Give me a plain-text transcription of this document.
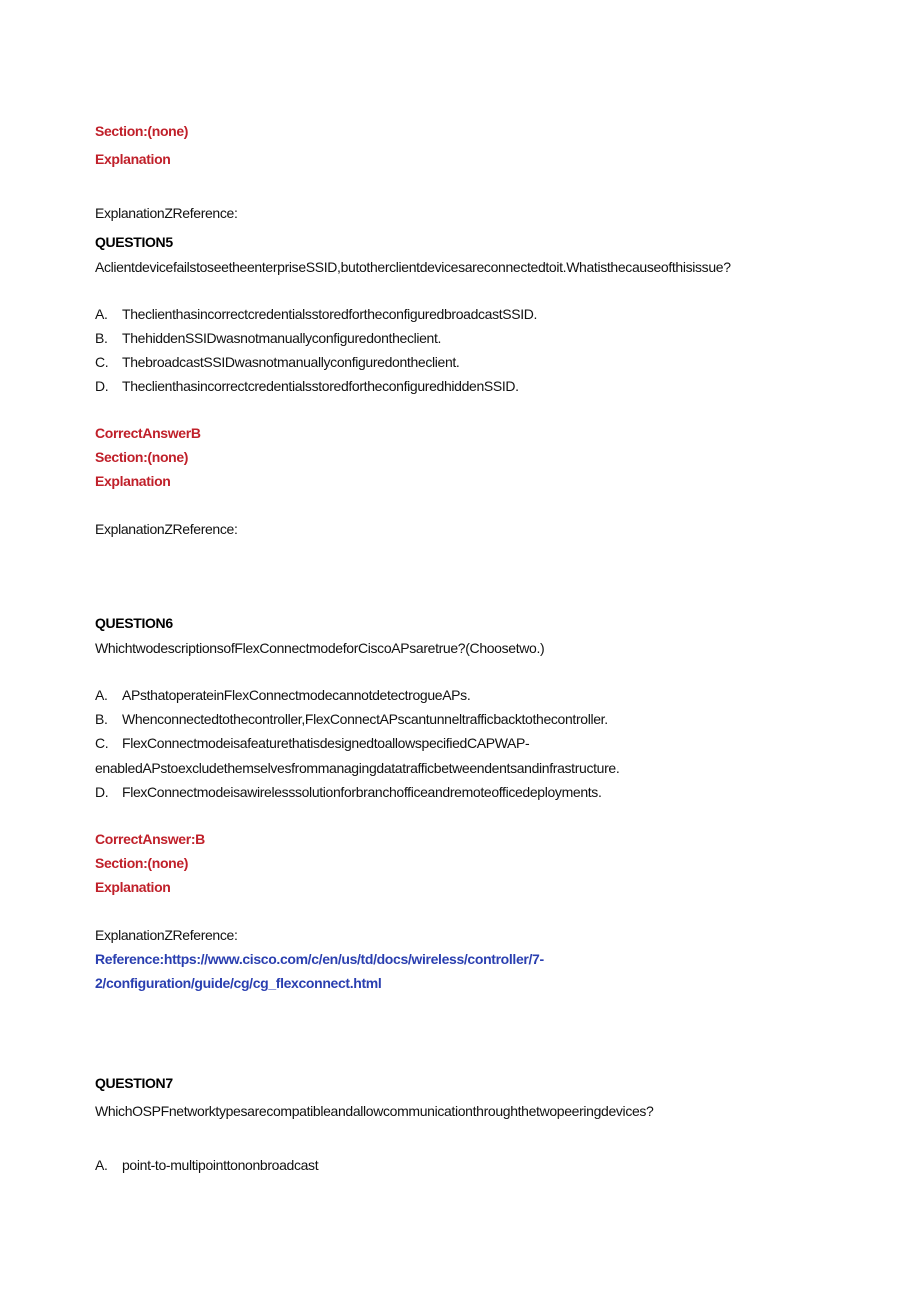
Section:(none)

Explanation

ExplanationZReference:

QUESTION5

AclientdevicefailstoseetheenterpriseSSID,butotherclientdevicesareconnectedtoit.Whatisthecauseofthisissue?

A.	TheclienthasincorrectcredentialsstoredfortheconfiguredbroadcastSSID.
B.	ThehiddenSSIDwasnotmanuallyconfiguredontheclient.
C. ThebroadcastSSIDwasnotmanuallyconfiguredontheclient.
D. TheclienthasincorrectcredentialsstoredfortheconfiguredhiddenSSID.

CorrectAnswerB

Section:(none)

Explanation

ExplanationZReference:

QUESTION6

WhichtwodescriptionsofFlexConnectmodeforCiscoAPsaretrue?(Choosetwo.)

A.	APsthatoperateinFlexConnectmodecannotdetectrogueAPs.
B.	Whenconnectedtothecontroller,FlexConnectAPscantunneltrafficbacktothecontroller.
C. FlexConnectmodeisafeaturethatisdesignedtoallowspecifiedCAPWAP-

enabledAPstoexcludethemselvesfrommanagingdatatrafficbetweendentsandinfrastructure.

D. FlexConnectmodeisawirelesssolutionforbranchofficeandremoteofficedeployments.

CorrectAnswer:B

Section:(none)

Explanation

ExplanationZReference:

Reference:https://www.cisco.com/c/en/us/td/docs/wireless/controller/7-

2/configuration/guide/cg/cg_flexconnect.html

QUESTION7

WhichOSPFnetworktypesarecompatibleandallowcommunicationthroughthetwopeeringdevices?

A.	point-to-multipointtononbroadcast
